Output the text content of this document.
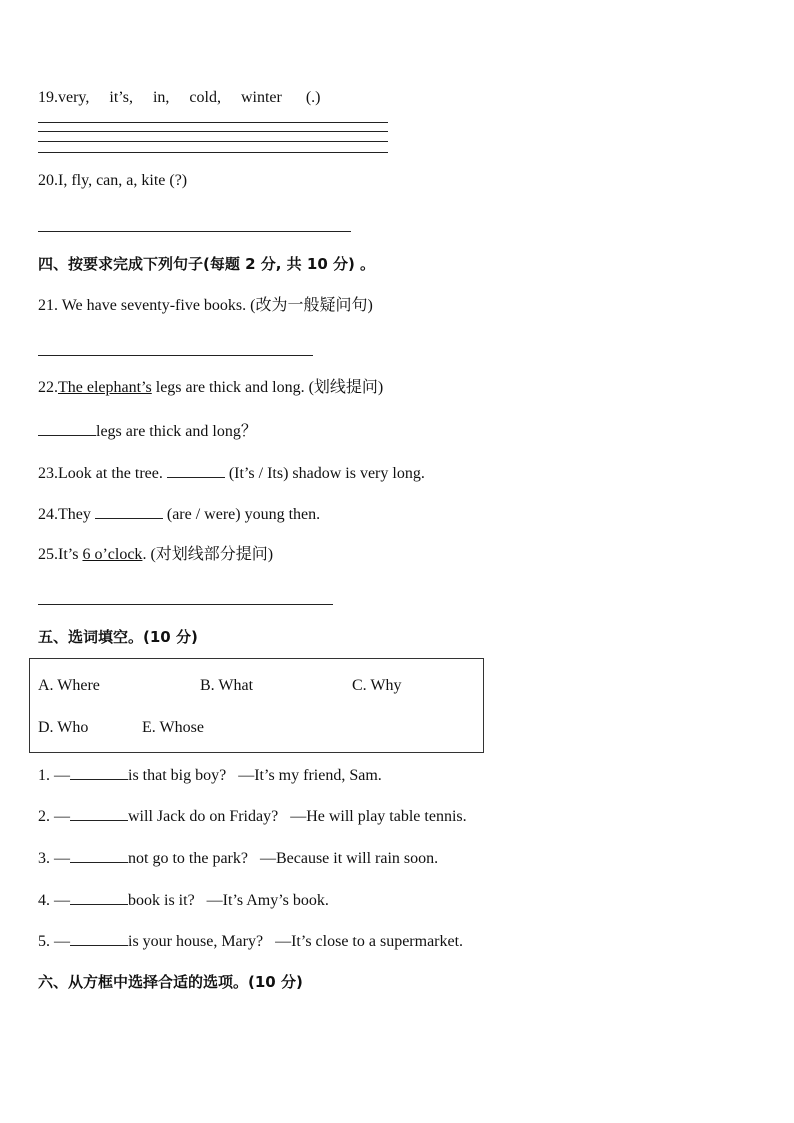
19.very,     it’s,     in,     cold,     winter      (.)
20.I, fly, can, a, kite (?)
四、按要求完成下列句子(每题 2 分, 共 10 分) 。
21. We have seventy-five books. (改为一般疑问句)
22.The elephant’s legs are thick and long. (划线提问)
legs are thick and long？
23.Look at the tree.	(It’s / Its) shadow is very long.
24.They	(are / were) young then.
25.It’s 6 o’clock. (对划线部分提问)
五、选词填空。(10 分)
A. Where	B. What	C. Why
D. Who	E. Whose
1. —	is that big boy? —It’s my friend, Sam.
2. —	will Jack do on Friday? —He will play table tennis.
3. —	not go to the park? —Because it will rain soon.
4. —	book is it? —It’s Amy’s book.
5. —	is your house, Mary? —It’s close to a supermarket.
六、从方框中选择合适的选项。(10 分)
